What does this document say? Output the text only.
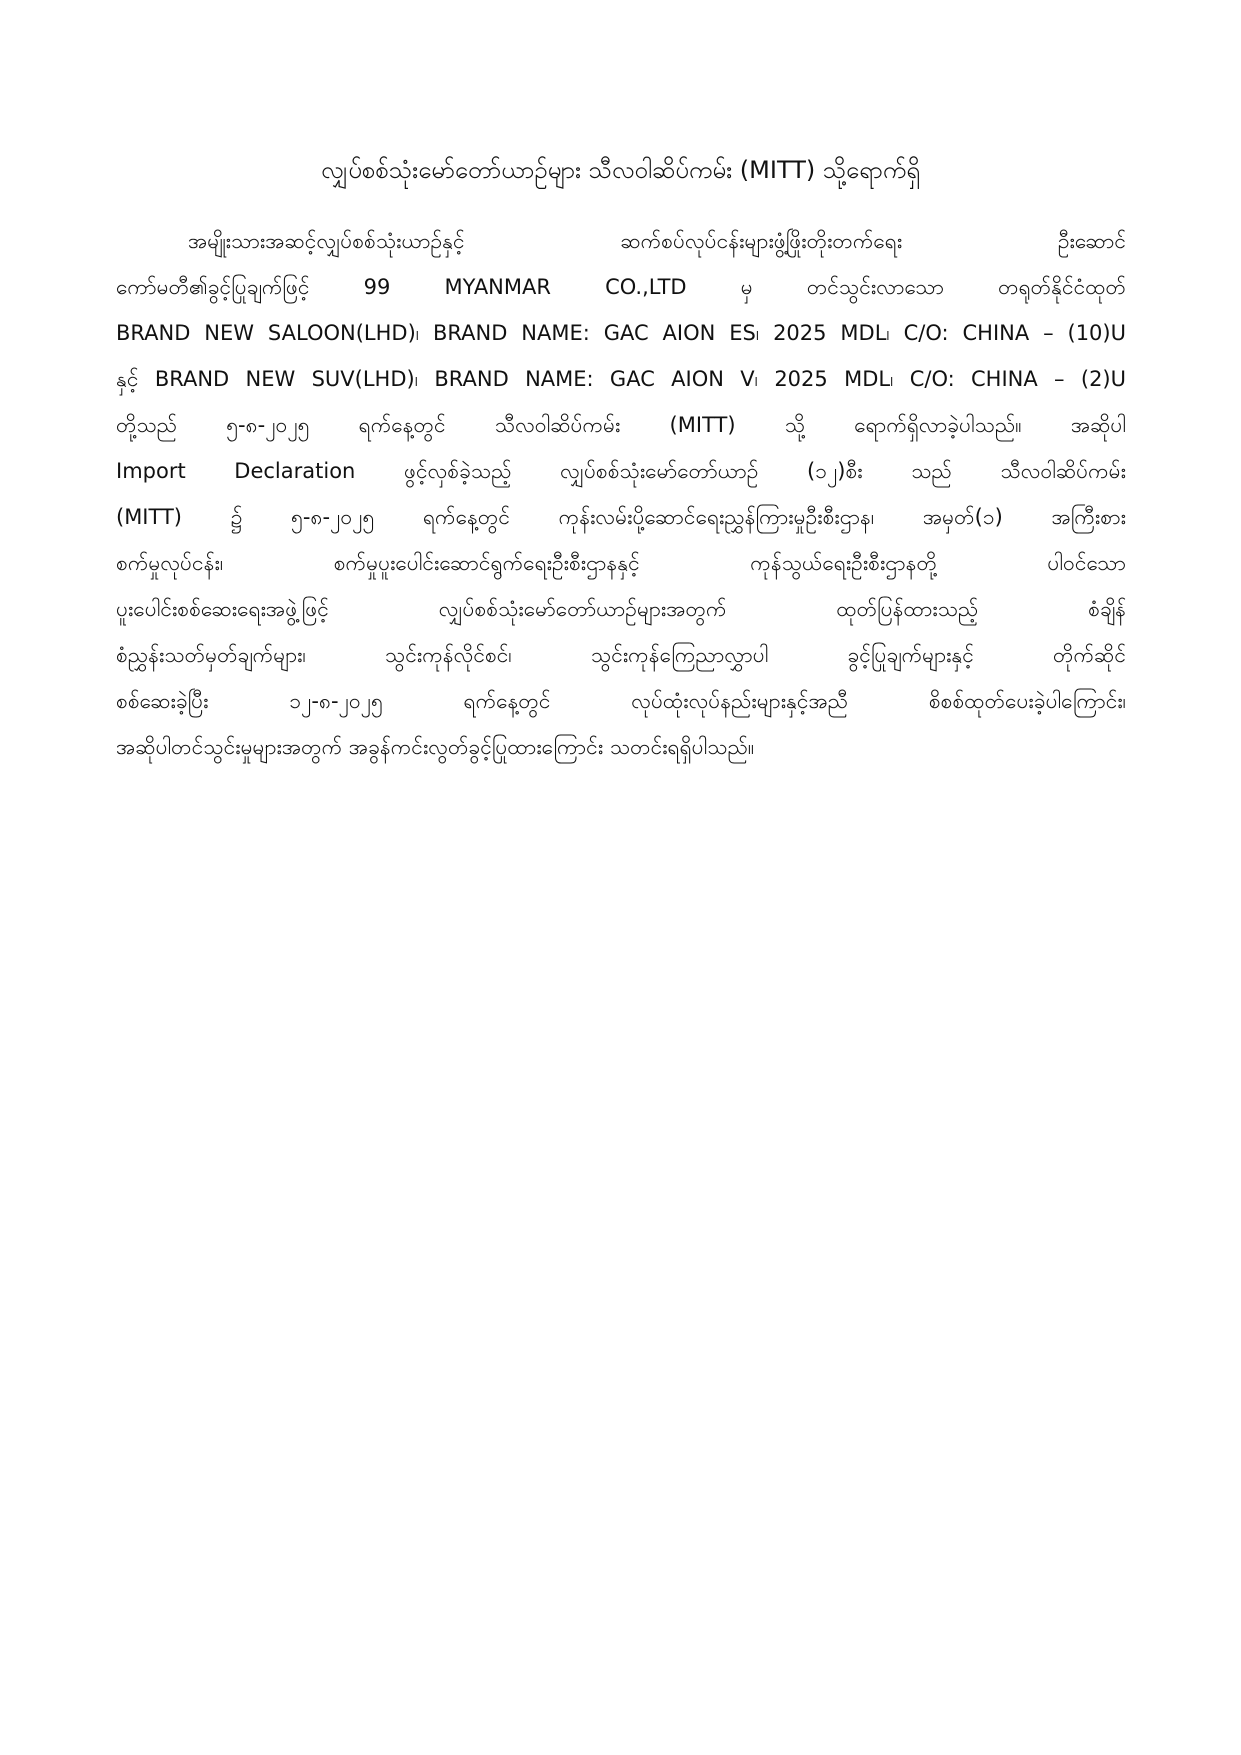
လျှပ်စစ်သုံးမော်တော်ယာဉ်များ သီလဝါဆိပ်ကမ်း (MITT) သို့ရောက်ရှိ
အမျိုးသားအဆင့်လျှပ်စစ်သုံးယာဉ်နှင့် ဆက်စပ်လုပ်ငန်းများဖွံ့ဖြိုးတိုးတက်ရေး ဦးဆောင်
ကော်မတီ၏ခွင့်ပြုချက်ဖြင့် 99 MYANMAR CO.,LTD မှ တင်သွင်းလာသော တရုတ်နိုင်ငံထုတ်
BRAND NEW SALOON(LHD)၊ BRAND NAME: GAC AION ES၊ 2025 MDL၊ C/O: CHINA – (10)U
နှင့် BRAND NEW SUV(LHD)၊ BRAND NAME: GAC AION V၊ 2025 MDL၊ C/O: CHINA – (2)U
တို့သည် ၅-၈-၂၀၂၅ ရက်နေ့တွင် သီလဝါဆိပ်ကမ်း (MITT) သို့ ရောက်ရှိလာခဲ့ပါသည်။ အဆိုပါ
Import Declaration ဖွင့်လှစ်ခဲ့သည့် လျှပ်စစ်သုံးမော်တော်ယာဉ် (၁၂)စီး သည် သီလဝါဆိပ်ကမ်း
(MITT) ၌ ၅-၈-၂၀၂၅ ရက်နေ့တွင် ကုန်းလမ်းပို့ဆောင်ရေးညွှန်ကြားမှုဦးစီးဌာန၊ အမှတ်(၁) အကြီးစား
စက်မှုလုပ်ငန်း၊ စက်မှုပူးပေါင်းဆောင်ရွက်ရေးဦးစီးဌာနနှင့် ကုန်သွယ်ရေးဦးစီးဌာနတို့ ပါဝင်သော
ပူးပေါင်းစစ်ဆေးရေးအဖွဲ့ဖြင့် လျှပ်စစ်သုံးမော်တော်ယာဉ်များအတွက် ထုတ်ပြန်ထားသည့် စံချိန်
စံညွှန်းသတ်မှတ်ချက်များ၊ သွင်းကုန်လိုင်စင်၊ သွင်းကုန်ကြေညာလွှာပါ ခွင့်ပြုချက်များနှင့် တိုက်ဆိုင်
စစ်ဆေးခဲ့ပြီး ၁၂-၈-၂၀၂၅ ရက်နေ့တွင် လုပ်ထုံးလုပ်နည်းများနှင့်အညီ စိစစ်ထုတ်ပေးခဲ့ပါကြောင်း၊
အဆိုပါတင်သွင်းမှုများအတွက် အခွန်ကင်းလွတ်ခွင့်ပြုထားကြောင်း သတင်းရရှိပါသည်။
